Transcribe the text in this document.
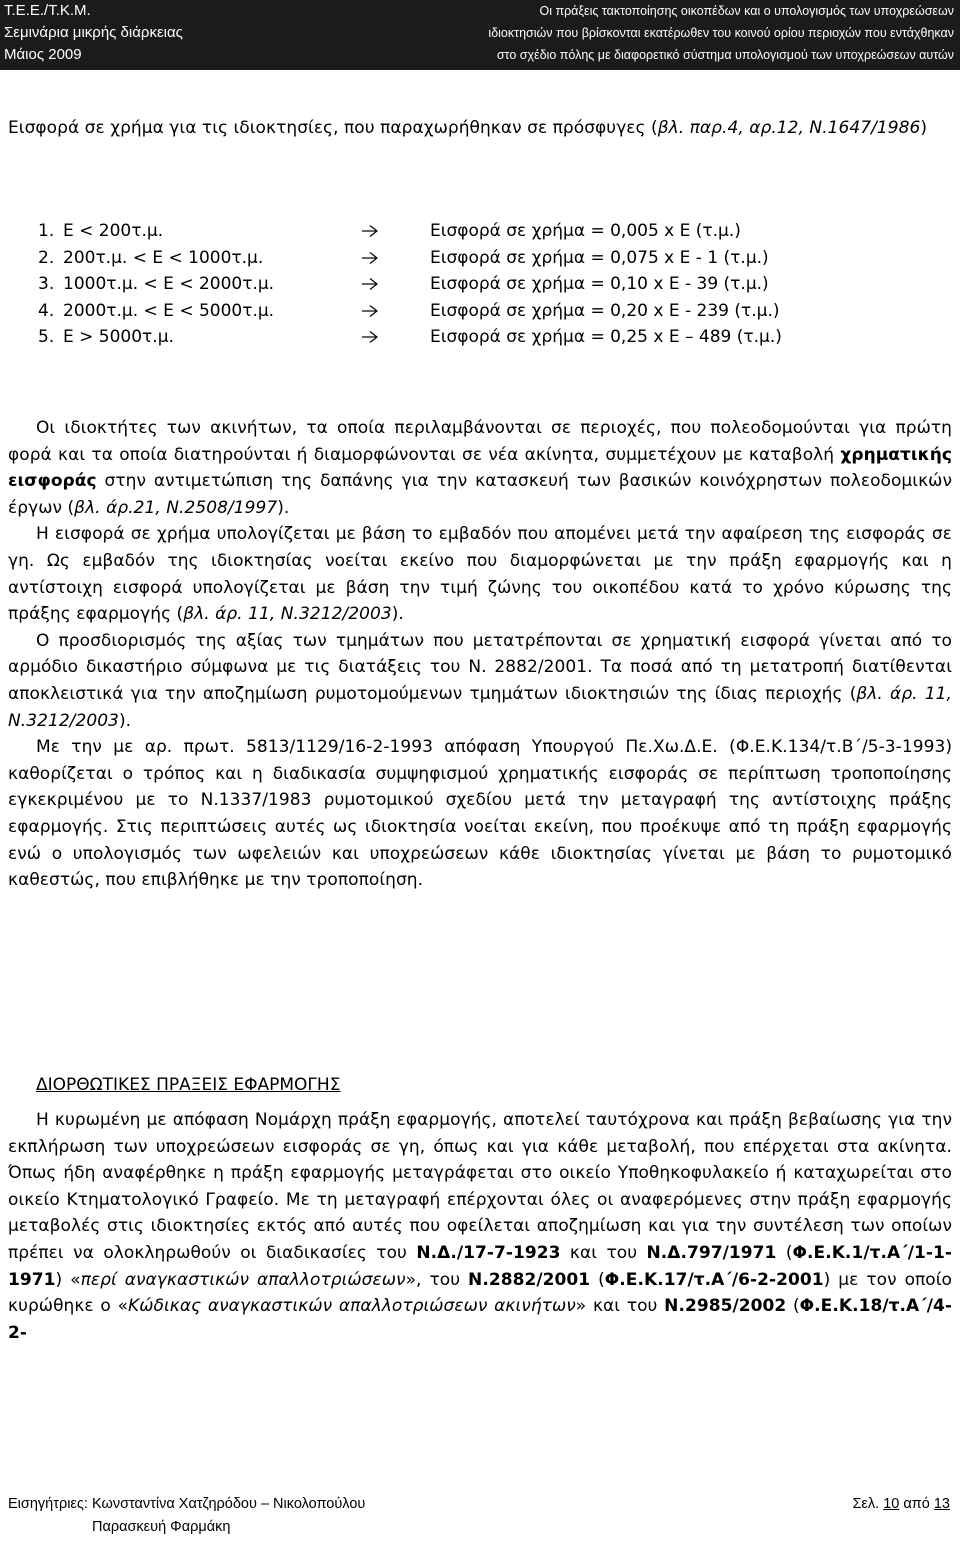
Τ.Ε.Ε./Τ.Κ.Μ.
Σεμινάρια μικρής διάρκειας
Μάιος 2009
Οι πράξεις τακτοποίησης οικοπέδων και ο υπολογισμός των υποχρεώσεων
ιδιοκτησιών που βρίσκονται εκατέρωθεν του κοινού ορίου περιοχών που εντάχθηκαν
στο σχέδιο πόλης με διαφορετικό σύστημα υπολογισμού των υποχρεώσεων αυτών

Εισφορά σε χρήμα για τις ιδιοκτησίες, που παραχωρήθηκαν σε πρόσφυγες (βλ. παρ.4, αρ.12, Ν.1647/1986)

1. Ε < 200τ.μ.	Εισφορά σε χρήμα = 0,005 x E (τ.μ.)
2. 200τ.μ. < E < 1000τ.μ.	Εισφορά σε χρήμα = 0,075 x E - 1 (τ.μ.)
3. 1000τ.μ. < E < 2000τ.μ.	Εισφορά σε χρήμα = 0,10 x E - 39 (τ.μ.)
4. 2000τ.μ. < E < 5000τ.μ.	Εισφορά σε χρήμα = 0,20 x E - 239 (τ.μ.)
5. E > 5000τ.μ.	Εισφορά σε χρήμα = 0,25 x E – 489 (τ.μ.)

Οι ιδιοκτήτες των ακινήτων, τα οποία περιλαμβάνονται σε περιοχές, που πολεοδομούνται για πρώτη φορά και τα οποία διατηρούνται ή διαμορφώνονται σε νέα ακίνητα, συμμετέχουν με καταβολή χρηματικής εισφοράς στην αντιμετώπιση της δαπάνης για την κατασκευή των βασικών κοινόχρηστων πολεοδομικών έργων (βλ. άρ.21, Ν.2508/1997).

Η εισφορά σε χρήμα υπολογίζεται με βάση το εμβαδόν που απομένει μετά την αφαίρεση της εισφοράς σε γη. Ως εμβαδόν της ιδιοκτησίας νοείται εκείνο που διαμορφώνεται με την πράξη εφαρμογής και η αντίστοιχη εισφορά υπολογίζεται με βάση την τιμή ζώνης του οικοπέδου κατά το χρόνο κύρωσης της πράξης εφαρμογής (βλ. άρ. 11, Ν.3212/2003).

Ο προσδιορισμός της αξίας των τμημάτων που μετατρέπονται σε χρηματική εισφορά γίνεται από το αρμόδιο δικαστήριο σύμφωνα με τις διατάξεις του Ν. 2882/2001. Τα ποσά από τη μετατροπή διατίθενται αποκλειστικά για την αποζημίωση ρυμοτομούμενων τμημάτων ιδιοκτησιών της ίδιας περιοχής (βλ. άρ. 11, Ν.3212/2003).

Με την με αρ. πρωτ. 5813/1129/16-2-1993 απόφαση Υπουργού Πε.Χω.Δ.Ε. (Φ.Ε.Κ.134/τ.Β΄/5-3-1993) καθορίζεται ο τρόπος και η διαδικασία συμψηφισμού χρηματικής εισφοράς σε περίπτωση τροποποίησης εγκεκριμένου με το Ν.1337/1983 ρυμοτομικού σχεδίου μετά την μεταγραφή της αντίστοιχης πράξης εφαρμογής. Στις περιπτώσεις αυτές ως ιδιοκτησία νοείται εκείνη, που προέκυψε από τη πράξη εφαρμογής ενώ ο υπολογισμός των ωφελειών και υποχρεώσεων κάθε ιδιοκτησίας γίνεται με βάση το ρυμοτομικό καθεστώς, που επιβλήθηκε με την τροποποίηση.

ΔΙΟΡΘΩΤΙΚΕΣ ΠΡΑΞΕΙΣ ΕΦΑΡΜΟΓΗΣ

Η κυρωμένη με απόφαση Νομάρχη πράξη εφαρμογής, αποτελεί ταυτόχρονα και πράξη βεβαίωσης για την εκπλήρωση των υποχρεώσεων εισφοράς σε γη, όπως και για κάθε μεταβολή, που επέρχεται στα ακίνητα. Όπως ήδη αναφέρθηκε η πράξη εφαρμογής μεταγράφεται στο οικείο Υποθηκοφυλακείο ή καταχωρείται στο οικείο Κτηματολογικό Γραφείο. Με τη μεταγραφή επέρχονται όλες οι αναφερόμενες στην πράξη εφαρμογής μεταβολές στις ιδιοκτησίες εκτός από αυτές που οφείλεται αποζημίωση και για την συντέλεση των οποίων πρέπει να ολοκληρωθούν οι διαδικασίες του Ν.Δ./17-7-1923 και του Ν.Δ.797/1971 (Φ.Ε.Κ.1/τ.Α΄/1-1-1971) «περί αναγκαστικών απαλλοτριώσεων», του Ν.2882/2001 (Φ.Ε.Κ.17/τ.Α΄/6-2-2001) με τον οποίο κυρώθηκε ο «Κώδικας αναγκαστικών απαλλοτριώσεων ακινήτων» και του Ν.2985/2002 (Φ.Ε.Κ.18/τ.Α΄/4-2-

Εισηγήτριες: Κωνσταντίνα Χατζηρόδου – Νικολοπούλου
Παρασκευή Φαρμάκη
Σελ. 10 από 13
